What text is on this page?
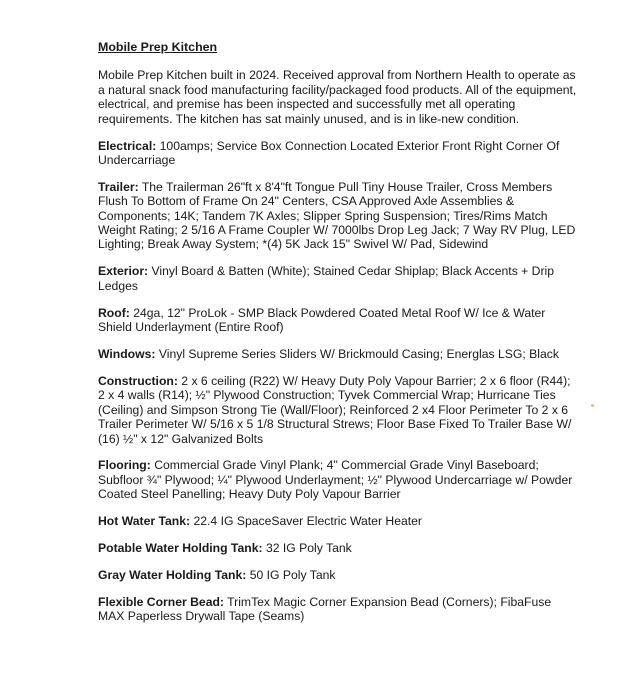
Mobile Prep Kitchen

Mobile Prep Kitchen built in 2024. Received approval from Northern Health to operate as a natural snack food manufacturing facility/packaged food products. All of the equipment, electrical, and premise has been inspected and successfully met all operating requirements. The kitchen has sat mainly unused, and is in like-new condition.

Electrical: 100amps; Service Box Connection Located Exterior Front Right Corner Of Undercarriage

Trailer: The Trailerman 26"ft x 8'4"ft Tongue Pull Tiny House Trailer, Cross Members Flush To Bottom of Frame On 24" Centers, CSA Approved Axle Assemblies & Components; 14K; Tandem 7K Axles; Slipper Spring Suspension; Tires/Rims Match Weight Rating; 2 5/16 A Frame Coupler W/ 7000lbs Drop Leg Jack; 7 Way RV Plug, LED Lighting; Break Away System; *(4) 5K Jack 15" Swivel W/ Pad, Sidewind

Exterior: Vinyl Board & Batten (White); Stained Cedar Shiplap; Black Accents + Drip Ledges

Roof: 24ga, 12" ProLok - SMP Black Powdered Coated Metal Roof W/ Ice & Water Shield Underlayment (Entire Roof)

Windows: Vinyl Supreme Series Sliders W/ Brickmould Casing; Energlas LSG; Black

Construction: 2 x 6 ceiling (R22) W/ Heavy Duty Poly Vapour Barrier; 2 x 6 floor (R44); 2 x 4 walls (R14); ½" Plywood Construction; Tyvek Commercial Wrap; Hurricane Ties (Ceiling) and Simpson Strong Tie (Wall/Floor); Reinforced 2 x4 Floor Perimeter To 2 x 6 Trailer Perimeter W/ 5/16 x 5 1/8 Structural Strews; Floor Base Fixed To Trailer Base W/ (16) ½" x 12" Galvanized Bolts

Flooring: Commercial Grade Vinyl Plank; 4" Commercial Grade Vinyl Baseboard; Subfloor ¾" Plywood; ¼" Plywood Underlayment; ½" Plywood Undercarriage w/ Powder Coated Steel Panelling; Heavy Duty Poly Vapour Barrier

Hot Water Tank: 22.4 IG SpaceSaver Electric Water Heater

Potable Water Holding Tank: 32 IG Poly Tank

Gray Water Holding Tank: 50 IG Poly Tank

Flexible Corner Bead: TrimTex Magic Corner Expansion Bead (Corners); FibaFuse MAX Paperless Drywall Tape (Seams)
